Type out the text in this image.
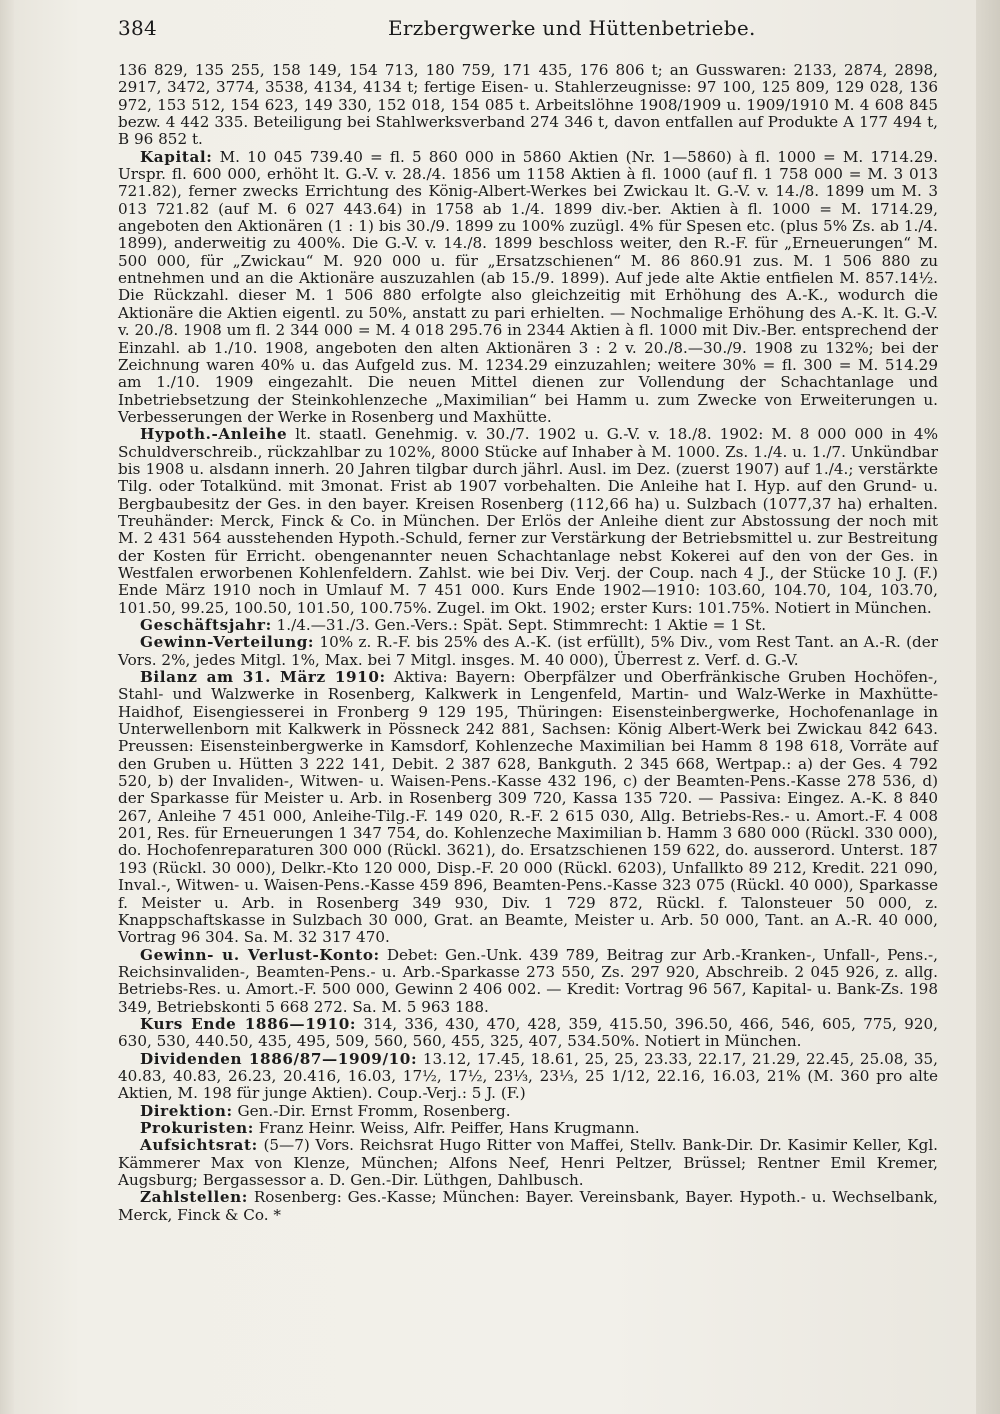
384	Erzbergwerke und Hüttenbetriebe.

136 829, 135 255, 158 149, 154 713, 180 759, 171 435, 176 806 t; an Gusswaren: 2133, 2874, 2898, 2917, 3472, 3774, 3538, 4134, 4134 t; fertige Eisen- u. Stahlerzeugnisse: 97 100, 125 809, 129 028, 136 972, 153 512, 154 623, 149 330, 152 018, 154 085 t. Arbeitslöhne 1908/1909 u. 1909/1910 M. 4 608 845 bezw. 4 442 335. Beteiligung bei Stahlwerksverband 274 346 t, davon entfallen auf Produkte A 177 494 t, B 96 852 t.

Kapital: M. 10 045 739.40 = fl. 5 860 000 in 5860 Aktien (Nr. 1—5860) à fl. 1000 = M. 1714.29. Urspr. fl. 600 000, erhöht lt. G.-V. v. 28./4. 1856 um 1158 Aktien à fl. 1000 (auf fl. 1 758 000 = M. 3 013 721.82), ferner zwecks Errichtung des König-Albert-Werkes bei Zwickau lt. G.-V. v. 14./8. 1899 um M. 3 013 721.82 (auf M. 6 027 443.64) in 1758 ab 1./4. 1899 div.-ber. Aktien à fl. 1000 = M. 1714.29, angeboten den Aktionären (1 : 1) bis 30./9. 1899 zu 100% zuzügl. 4% für Spesen etc. (plus 5% Zs. ab 1./4. 1899), anderweitig zu 400%. Die G.-V. v. 14./8. 1899 beschloss weiter, den R.-F. für „Erneuerungen“ M. 500 000, für „Zwickau“ M. 920 000 u. für „Ersatzschienen“ M. 86 860.91 zus. M. 1 506 880 zu entnehmen und an die Aktionäre auszuzahlen (ab 15./9. 1899). Auf jede alte Aktie entfielen M. 857.14½. Die Rückzahl. dieser M. 1 506 880 erfolgte also gleichzeitig mit Erhöhung des A.-K., wodurch die Aktionäre die Aktien eigentl. zu 50%, anstatt zu pari erhielten. — Nochmalige Erhöhung des A.-K. lt. G.-V. v. 20./8. 1908 um fl. 2 344 000 = M. 4 018 295.76 in 2344 Aktien à fl. 1000 mit Div.-Ber. entsprechend der Einzahl. ab 1./10. 1908, angeboten den alten Aktionären 3 : 2 v. 20./8.—30./9. 1908 zu 132%; bei der Zeichnung waren 40% u. das Aufgeld zus. M. 1234.29 einzuzahlen; weitere 30% = fl. 300 = M. 514.29 am 1./10. 1909 eingezahlt. Die neuen Mittel dienen zur Vollendung der Schachtanlage und Inbetriebsetzung der Steinkohlenzeche „Maximilian“ bei Hamm u. zum Zwecke von Erweiterungen u. Verbesserungen der Werke in Rosenberg und Maxhütte.

Hypoth.-Anleihe lt. staatl. Genehmig. v. 30./7. 1902 u. G.-V. v. 18./8. 1902: M. 8 000 000 in 4% Schuldverschreib., rückzahlbar zu 102%, 8000 Stücke auf Inhaber à M. 1000. Zs. 1./4. u. 1./7. Unkündbar bis 1908 u. alsdann innerh. 20 Jahren tilgbar durch jährl. Ausl. im Dez. (zuerst 1907) auf 1./4.; verstärkte Tilg. oder Totalkünd. mit 3monat. Frist ab 1907 vorbehalten. Die Anleihe hat I. Hyp. auf den Grund- u. Bergbaubesitz der Ges. in den bayer. Kreisen Rosenberg (112,66 ha) u. Sulzbach (1077,37 ha) erhalten. Treuhänder: Merck, Finck & Co. in München. Der Erlös der Anleihe dient zur Abstossung der noch mit M. 2 431 564 ausstehenden Hypoth.-Schuld, ferner zur Verstärkung der Betriebsmittel u. zur Bestreitung der Kosten für Erricht. obengenannter neuen Schachtanlage nebst Kokerei auf den von der Ges. in Westfalen erworbenen Kohlenfeldern. Zahlst. wie bei Div. Verj. der Coup. nach 4 J., der Stücke 10 J. (F.) Ende März 1910 noch in Umlauf M. 7 451 000. Kurs Ende 1902—1910: 103.60, 104.70, 104, 103.70, 101.50, 99.25, 100.50, 101.50, 100.75%. Zugel. im Okt. 1902; erster Kurs: 101.75%. Notiert in München.

Geschäftsjahr: 1./4.—31./3. Gen.-Vers.: Spät. Sept. Stimmrecht: 1 Aktie = 1 St.

Gewinn-Verteilung: 10% z. R.-F. bis 25% des A.-K. (ist erfüllt), 5% Div., vom Rest Tant. an A.-R. (der Vors. 2%, jedes Mitgl. 1%, Max. bei 7 Mitgl. insges. M. 40 000), Überrest z. Verf. d. G.-V.

Bilanz am 31. März 1910: Aktiva: Bayern: Oberpfälzer und Oberfränkische Gruben Hochöfen-, Stahl- und Walzwerke in Rosenberg, Kalkwerk in Lengenfeld, Martin- und Walz-Werke in Maxhütte-Haidhof, Eisengiesserei in Fronberg 9 129 195, Thüringen: Eisensteinbergwerke, Hochofenanlage in Unterwellenborn mit Kalkwerk in Pössneck 242 881, Sachsen: König Albert-Werk bei Zwickau 842 643. Preussen: Eisensteinbergwerke in Kamsdorf, Kohlenzeche Maximilian bei Hamm 8 198 618, Vorräte auf den Gruben u. Hütten 3 222 141, Debit. 2 387 628, Bankguth. 2 345 668, Wertpap.: a) der Ges. 4 792 520, b) der Invaliden-, Witwen- u. Waisen-Pens.-Kasse 432 196, c) der Beamten-Pens.-Kasse 278 536, d) der Sparkasse für Meister u. Arb. in Rosenberg 309 720, Kassa 135 720. — Passiva: Eingez. A.-K. 8 840 267, Anleihe 7 451 000, Anleihe-Tilg.-F. 149 020, R.-F. 2 615 030, Allg. Betriebs-Res.- u. Amort.-F. 4 008 201, Res. für Erneuerungen 1 347 754, do. Kohlenzeche Maximilian b. Hamm 3 680 000 (Rückl. 330 000), do. Hochofenreparaturen 300 000 (Rückl. 3621), do. Ersatzschienen 159 622, do. ausserord. Unterst. 187 193 (Rückl. 30 000), Delkr.-Kto 120 000, Disp.-F. 20 000 (Rückl. 6203), Unfallkto 89 212, Kredit. 221 090, Inval.-, Witwen- u. Waisen-Pens.-Kasse 459 896, Beamten-Pens.-Kasse 323 075 (Rückl. 40 000), Sparkasse f. Meister u. Arb. in Rosenberg 349 930, Div. 1 729 872, Rückl. f. Talonsteuer 50 000, z. Knappschaftskasse in Sulzbach 30 000, Grat. an Beamte, Meister u. Arb. 50 000, Tant. an A.-R. 40 000, Vortrag 96 304. Sa. M. 32 317 470.

Gewinn- u. Verlust-Konto: Debet: Gen.-Unk. 439 789, Beitrag zur Arb.-Kranken-, Unfall-, Pens.-, Reichsinvaliden-, Beamten-Pens.- u. Arb.-Sparkasse 273 550, Zs. 297 920, Abschreib. 2 045 926, z. allg. Betriebs-Res. u. Amort.-F. 500 000, Gewinn 2 406 002. — Kredit: Vortrag 96 567, Kapital- u. Bank-Zs. 198 349, Betriebskonti 5 668 272. Sa. M. 5 963 188.

Kurs Ende 1886—1910: 314, 336, 430, 470, 428, 359, 415.50, 396.50, 466, 546, 605, 775, 920, 630, 530, 440.50, 435, 495, 509, 560, 560, 455, 325, 407, 534.50%. Notiert in München.

Dividenden 1886/87—1909/10: 13.12, 17.45, 18.61, 25, 25, 23.33, 22.17, 21.29, 22.45, 25.08, 35, 40.83, 40.83, 26.23, 20.416, 16.03, 17½, 17½, 23⅓, 23⅓, 25 1/12, 22.16, 16.03, 21% (M. 360 pro alte Aktien, M. 198 für junge Aktien). Coup.-Verj.: 5 J. (F.)

Direktion: Gen.-Dir. Ernst Fromm, Rosenberg.

Prokuristen: Franz Heinr. Weiss, Alfr. Peiffer, Hans Krugmann.

Aufsichtsrat: (5—7) Vors. Reichsrat Hugo Ritter von Maffei, Stellv. Bank-Dir. Dr. Kasimir Keller, Kgl. Kämmerer Max von Klenze, München; Alfons Neef, Henri Peltzer, Brüssel; Rentner Emil Kremer, Augsburg; Bergassessor a. D. Gen.-Dir. Lüthgen, Dahlbusch.

Zahlstellen: Rosenberg: Ges.-Kasse; München: Bayer. Vereinsbank, Bayer. Hypoth.- u. Wechselbank, Merck, Finck & Co. *
